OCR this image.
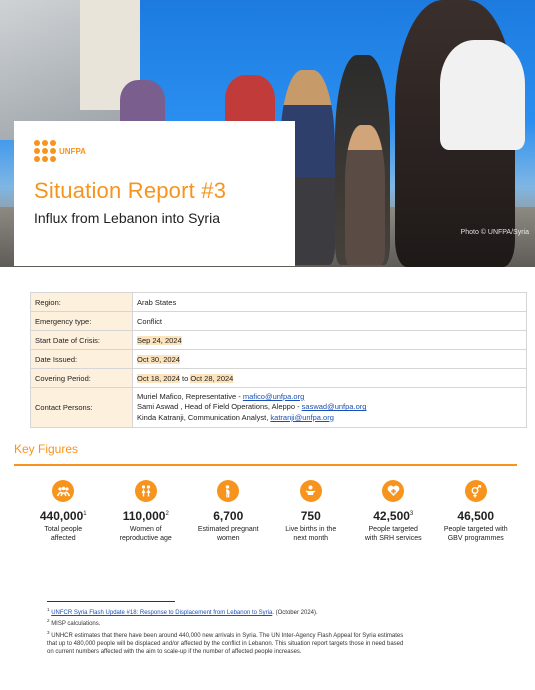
Photo © UNFPA/Syria
UNFPA
Situation Report #3
Influx from Lebanon into Syria
Region:	Arab States
Emergency type:	Conflict
Start Date of Crisis:	Sep 24, 2024
Date Issued:	Oct 30, 2024
Covering Period:	Oct 18, 2024 to Oct 28, 2024
Contact Persons:	Muriel Mafico, Representative - mafico@unfpa.org
Sami Aswad , Head of Field Operations, Aleppo - saswad@unfpa.org
Kinda Katranji, Communication Analyst, katranji@unfpa.org
Key Figures
440,000$^1$
Total people
affected
110,000$^2$
Women of
reproductive age
6,700
Estimated pregnant
women
750
Live births in the
next month
42,500$^3$
People targeted
with SRH services
46,500
People targeted with
GBV programmes
$^1$ UNFCR Syria Flash Update #18: Response to Displacement from Lebanon to Syria. (October 2024).
$^2$ MISP calculations.
$^3$ UNHCR estimates that there have been around 440,000 new arrivals in Syria. The UN Inter-Agency Flash Appeal for Syria estimates
that up to 480,000 people will be displaced and/or affected by the conflict in Lebanon. This situation report targets those in need based
on current numbers affected with the aim to scale-up if the number of affected people increases.
